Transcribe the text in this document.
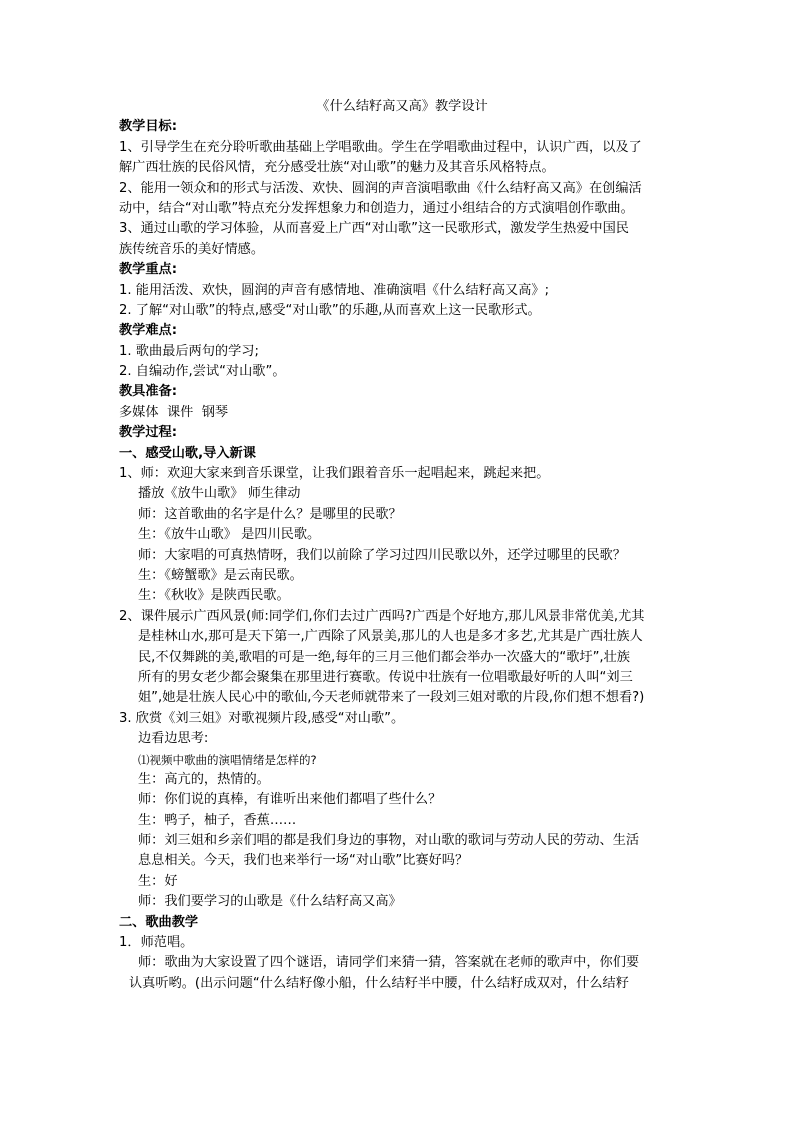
《什么结籽高又高》教学设计
教学目标:
1、引导学生在充分聆听歌曲基础上学唱歌曲。学生在学唱歌曲过程中，认识广西，以及了
解广西壮族的民俗风情，充分感受壮族“对山歌”的魅力及其音乐风格特点。
2、能用一领众和的形式与活泼、欢快、圆润的声音演唱歌曲《什么结籽高又高》在创编活
动中，结合“对山歌”特点充分发挥想象力和创造力，通过小组结合的方式演唱创作歌曲。
3、通过山歌的学习体验，从而喜爱上广西“对山歌”这一民歌形式，激发学生热爱中国民
族传统音乐的美好情感。
教学重点:
1. 能用活泼、欢快，圆润的声音有感情地、准确演唱《什么结籽高又高》;
2. 了解“对山歌”的特点,感受“对山歌”的乐趣,从而喜欢上这一民歌形式。
教学难点:
1. 歌曲最后两句的学习;
2. 自编动作,尝试“对山歌”。
教具准备:
多媒体  课件  钢琴
教学过程:
一、感受山歌,导入新课
1、师：欢迎大家来到音乐课堂，让我们跟着音乐一起唱起来，跳起来把。
播放《放牛山歌》 师生律动
师：这首歌曲的名字是什么？是哪里的民歌？
生：《放牛山歌》 是四川民歌。
师：大家唱的可真热情呀，我们以前除了学习过四川民歌以外，还学过哪里的民歌？
生：《螃蟹歌》是云南民歌。
生：《秋收》是陕西民歌。
2、课件展示广西风景(师:同学们,你们去过广西吗?广西是个好地方,那儿风景非常优美,尤其
是桂林山水,那可是天下第一,广西除了风景美,那儿的人也是多才多艺,尤其是广西壮族人
民,不仅舞跳的美,歌唱的可是一绝,每年的三月三他们都会举办一次盛大的“歌圩”,壮族
所有的男女老少都会聚集在那里进行赛歌。传说中壮族有一位唱歌最好听的人叫“刘三
姐”,她是壮族人民心中的歌仙,今天老师就带来了一段刘三姐对歌的片段,你们想不想看?)
3. 欣赏《刘三姐》对歌视频片段,感受“对山歌”。
边看边思考:
⑴视频中歌曲的演唱情绪是怎样的?
生：高亢的，热情的。
师：你们说的真棒，有谁听出来他们都唱了些什么？
生：鸭子，柚子，香蕉……
师：刘三姐和乡亲们唱的都是我们身边的事物，对山歌的歌词与劳动人民的劳动、生活
息息相关。今天，我们也来举行一场“对山歌”比赛好吗？
生：好
师：我们要学习的山歌是《什么结籽高又高》
二、歌曲教学
1．师范唱。
师：歌曲为大家设置了四个谜语，请同学们来猜一猜，答案就在老师的歌声中，你们要
认真听哟。(出示问题“什么结籽像小船，什么结籽半中腰，什么结籽成双对，什么结籽
